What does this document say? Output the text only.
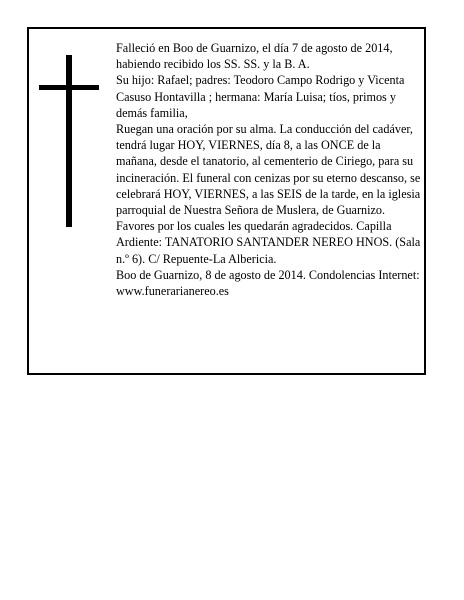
Falleció en Boo de Guarnizo, el día 7 de agosto de 2014, habiendo recibido los SS. SS. y la B. A.

Su hijo: Rafael; padres: Teodoro Campo Rodrigo y Vicenta Casuso Hontavilla ; hermana: María Luisa; tíos, primos y demás familia,

Ruegan una oración por su alma. La conducción del cadáver, tendrá lugar HOY, VIERNES, día 8, a las ONCE de la mañana, desde el tanatorio, al cementerio de Ciriego, para su incineración. El funeral con cenizas por su eterno descanso, se celebrará HOY, VIERNES, a las SEIS de la tarde, en la iglesia parroquial de Nuestra Señora de Muslera, de Guarnizo. Favores por los cuales les quedarán agradecidos. Capilla Ardiente: TANATORIO SANTANDER NEREO HNOS. (Sala n.º 6). C/ Repuente-La Albericia.

Boo de Guarnizo, 8 de agosto de 2014. Condolencias Internet: www.funerarianereo.es
